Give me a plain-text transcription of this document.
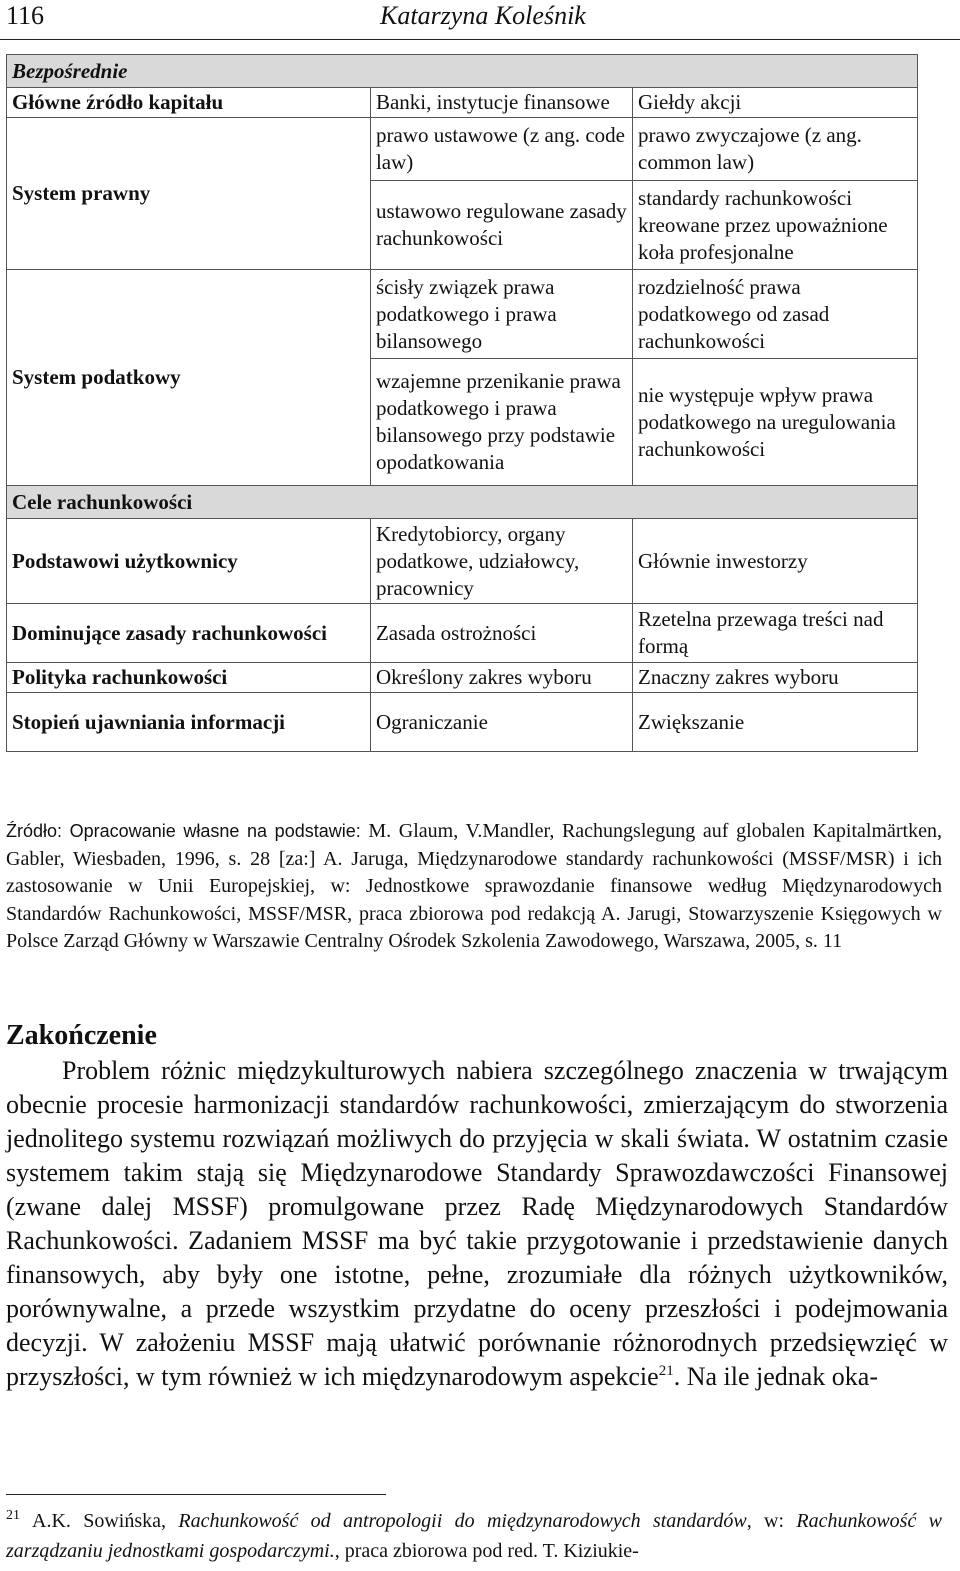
116	Katarzyna Koleśnik
Bezpośrednie		
Główne źródło kapitału	Banki, instytucje finansowe	Giełdy akcji
System prawny	prawo ustawowe (z ang. code law)	prawo zwyczajowe (z ang. common law)
	ustawowo regulowane zasady rachunkowości	standardy rachunkowości kreowane przez upoważnione koła profesjonalne
System podatkowy	ścisły związek prawa podatkowego i prawa bilansowego	rozdzielność prawa podatkowego od zasad rachunkowości
	wzajemne przenikanie prawa podatkowego i prawa bilansowego przy podstawie opodatkowania	nie występuje wpływ prawa podatkowego na uregulowania rachunkowości
Cele rachunkowości		
Podstawowi użytkownicy	Kredytobiorcy, organy podatkowe, udziałowcy, pracownicy	Głównie inwestorzy
Dominujące zasady rachunkowości	Zasada ostrożności	Rzetelna przewaga treści nad formą
Polityka rachunkowości	Określony zakres wyboru	Znaczny zakres wyboru
Stopień ujawniania informacji	Ograniczanie	Zwiększanie
Źródło: Opracowanie własne na podstawie: M. Glaum, V.Mandler, Rachungslegung auf globalen Kapitalmärtken, Gabler, Wiesbaden, 1996, s. 28 [za:] A. Jaruga, Międzynarodowe standardy rachunkowości (MSSF/MSR) i ich zastosowanie w Unii Europejskiej, w: Jednostkowe sprawozdanie finansowe według Międzynarodowych Standardów Rachunkowości, MSSF/MSR, praca zbiorowa pod redakcją A. Jarugi, Stowarzyszenie Księgowych w Polsce Zarząd Główny w Warszawie Centralny Ośrodek Szkolenia Zawodowego, Warszawa, 2005, s. 11
Zakończenie

Problem różnic międzykulturowych nabiera szczególnego znaczenia w trwającym obecnie procesie harmonizacji standardów rachunkowości, zmierzającym do stworzenia jednolitego systemu rozwiązań możliwych do przyjęcia w skali świata. W ostatnim czasie systemem takim stają się Międzynarodowe Standardy Sprawozdawczości Finansowej (zwane dalej MSSF) promulgowane przez Radę Międzynarodowych Standardów Rachunkowości. Zadaniem MSSF ma być takie przygotowanie i przedstawienie danych finansowych, aby były one istotne, pełne, zrozumiałe dla różnych użytkowników, porównywalne, a przede wszystkim przydatne do oceny przeszłości i podejmowania decyzji. W założeniu MSSF mają ułatwić porównanie różnorodnych przedsięwzięć w przyszłości, w tym również w ich międzynarodowym aspekcie$^{21}$. Na ile jednak oka-

$^{21}$ A.K. Sowińska, Rachunkowość od antropologii do międzynarodowych standardów, w: Rachunkowość w zarządzaniu jednostkami gospodarczymi., praca zbiorowa pod red. T. Kiziukie-
